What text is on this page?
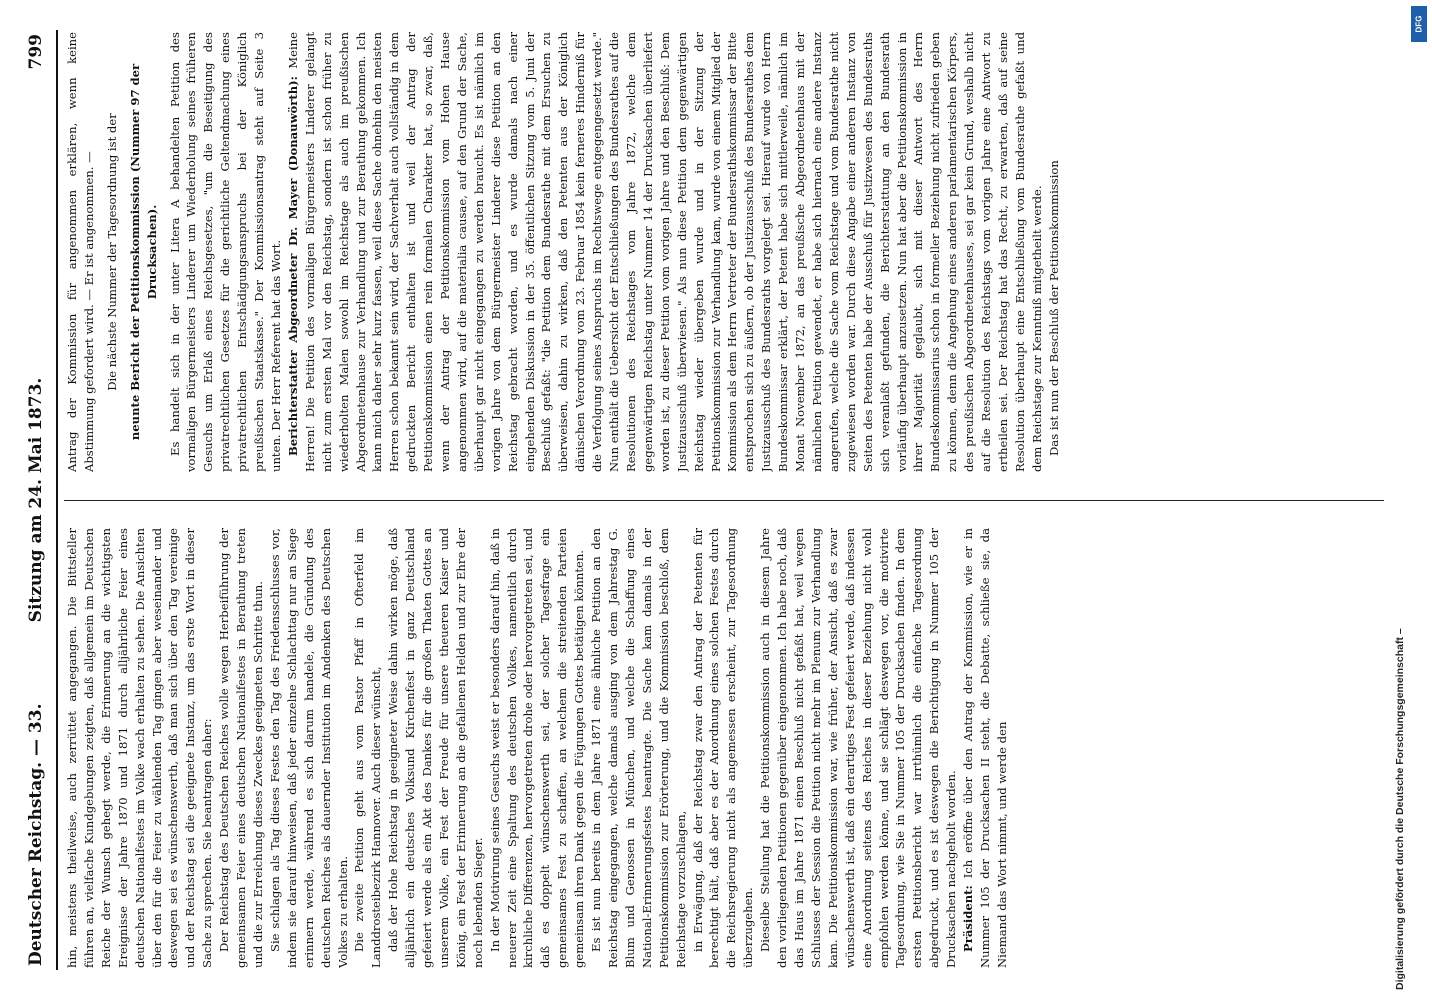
Deutscher Reichstag. — 33.
Sitzung am 24. Mai 1873.
799

hin, meistens theilweise, auch zerrüttet angegangen. Die Bittsteller führen an, vielfache Kundgebungen zeigten, daß allgemein im Deutschen Reiche der Wunsch gehegt werde, die Erinnerung an die wichtigsten Ereignisse der Jahre 1870 und 1871 durch alljährliche Feier eines deutschen Nationalfestes im Volke wach erhalten zu sehen. Die Ansichten über den für die Feier zu wählenden Tag gingen aber weseinander und deswegen sei es wünschenswerth, daß man sich über den Tag vereinige und der Reichstag sei die geeignete Instanz, um das erste Wort in dieser Sache zu sprechen. Sie beantragen daher: Der Reichstag des Deutschen Reiches wolle wegen Herbeiführung der gemeinsamen Feier eines deutschen Nationalfestes in Berathung treten und die zur Erreichung dieses Zweckes geeigneten Schritte thun. Sie schlagen als Tag dieses Festes den Tag des Friedensschlusses vor, indem sie darauf hinweisen, daß jeder einzelne Schlachttag nur an Siege erinnern werde, während es sich darum handele, die Gründung des deutschen Reiches als dauernder Institution im Andenken des Deutschen Volkes zu erhalten. Die zweite Petition geht aus vom Pastor Pfaff in Ofterfeld im Landdrosteibezirk Hannover. Auch dieser wünscht, daß der Hohe Reichstag in geeigneter Weise dahin wirken möge, daß alljährlich ein deutsches Volksund Kirchenfest in ganz Deutschland gefeiert werde als ein Akt des Dankes für die großen Thaten Gottes an unserem Volke, ein Fest der Freude für unsere theueren Kaiser und König, ein Fest der Erinnerung an die gefallenen Helden und zur Ehre der noch lebenden Sieger. In der Motivirung seines Gesuchs weist er besonders darauf hin, daß in neuerer Zeit eine Spaltung des deutschen Volkes, namentlich durch kirchliche Differenzen, hervorgetreten drohe oder hervorgetreten sei, und daß es doppelt wünschenswerth sei, der solcher Tagesfrage ein gemeinsames Fest zu schaffen, an welchem die streitenden Parteien gemeinsam ihren Dank gegen die Fügungen Gottes betätigen könnten. Es ist nun bereits in dem Jahre 1871 eine ähnliche Petition an den Reichstag eingegangen, welche damals ausging von dem Jahrestag G. Blum und Genossen in München, und welche die Schaffung eines National-Erinnerungsfestes beantragte. Die Sache kam damals in der Petitionskommission zur Erörterung, und die Kommission beschloß, dem Reichstage vorzuschlagen, in Erwägung, daß der Reichstag zwar den Antrag der Petenten für berechtigt hält, daß aber es der Anordnung eines solchen Festes durch die Reichsregierung nicht als angemessen erscheint, zur Tagesordnung überzugehen. Dieselbe Stellung hat die Petitionskommission auch in diesem Jahre den vorliegenden Petitionen gegenüber eingenommen. Ich habe noch, daß das Haus im Jahre 1871 einen Beschluß nicht gefaßt hat, weil wegen Schlusses der Session die Petition nicht mehr im Plenum zur Verhandlung kam. Die Petitionskommission war, wie früher, der Ansicht, daß es zwar wünschenswerth ist, daß ein derartiges Fest gefeiert werde, daß indessen eine Anordnung seitens des Reiches in dieser Beziehung nicht wohl empfohlen werden könne, und sie schlägt deswegen vor, die motivirte Tagesordnung, wie Sie in Nummer 105 der Drucksachen finden. In dem ersten Petitionsbericht war irrthümlich die einfache Tagesordnung abgedruckt, und es ist deswegen die Berichtigung in Nummer 105 der Drucksachen nachgeholt worden. Präsident: Ich eröffne über den Antrag der Kommission, wie er in Nummer 105 der Drucksachen II steht, die Debatte, schließe sie, da Niemand das Wort nimmt, und werde den

Antrag der Kommission für angenommen erklären, wenn keine Abstimmung gefordert wird. — Er ist angenommen. — Die nächste Nummer der Tagesordnung ist der neunte Bericht der Petitionskommission (Nummer 97 der Drucksachen). Es handelt sich in der unter Litera A behandelten Petition des vormaligen Bürgermeisters Linderer um Wiederholung seines früheren Gesuchs um Erlaß eines Reichsgesetzes, "um die Beseitigung des privatrechtlichen Gesetzes für die gerichtliche Geltendmachung eines privatrechtlichen Entschädigungsanspruchs bei der Königlich preußischen Staatskasse." Der Kommissionsantrag steht auf Seite 3 unten. Der Herr Referent hat das Wort. Berichterstatter Abgeordneter Dr. Mayer (Donauwörth): Meine Herren! Die Petition des vormaligen Bürgermeisters Linderer gelangt nicht zum ersten Mal vor den Reichstag, sondern ist schon früher zu wiederholten Malen sowohl im Reichstage als auch im preußischen Abgeordnetenhause zur Verhandlung und zur Berathung gekommen. Ich kann mich daher sehr kurz fassen, weil diese Sache ohnehin den meisten Herren schon bekannt sein wird, der Sachverhalt auch vollständig in dem gedruckten Bericht enthalten ist und weil der Antrag der Petitionskommission einen rein formalen Charakter hat, so zwar, daß, wenn der Antrag der Petitionskommission vom Hohen Hause angenommen wird, auf die materialia causae, auf den Grund der Sache, überhaupt gar nicht eingegangen zu werden braucht. Es ist nämlich im vorigen Jahre von dem Bürgermeister Linderer diese Petition an den Reichstag gebracht worden, und es wurde damals nach einer eingehenden Diskussion in der 35. öffentlichen Sitzung vom 5. Juni der Beschluß gefaßt: "die Petition dem Bundesrathe mit dem Ersuchen zu überweisen, dahin zu wirken, daß den Petenten aus der Königlich dänischen Verordnung vom 23. Februar 1854 kein ferneres Hinderniß für die Verfolgung seines Anspruchs im Rechtswege entgegengesetzt werde." Nun enthält die Uebersicht der Entschließungen des Bundesrathes auf die Resolutionen des Reichstages vom Jahre 1872, welche dem gegenwärtigen Reichstag unter Nummer 14 der Drucksachen überliefert worden ist, zu dieser Petition vom vorigen Jahre und den Beschluß: Dem Justizausschuß überwiesen." Als nun diese Petition dem gegenwärtigen Reichstag wieder übergeben wurde und in der Sitzung der Petitionskommission zur Verhandlung kam, wurde von einem Mitglied der Kommission als dem Herrn Vertreter der Bundesrathskommissar der Bitte entsprochen sich zu äußern, ob der Justizausschuß des Bundesrathes dem Justizausschuß des Bundesraths vorgelegt sei. Hierauf wurde von Herrn Bundeskommissar erklärt, der Petent habe sich mittlerweile, nämlich im Monat November 1872, an das preußische Abgeordnetenhaus mit der nämlichen Petition gewendet, er habe sich hiernach eine andere Instanz angerufen, welche die Sache vom Reichstage und vom Bundesrathe nicht zugewiesen worden war. Durch diese Angabe einer anderen Instanz von Seiten des Petenten habe der Ausschuß für Justizwesen des Bundesraths sich veranlaßt gefunden, die Berichterstattung an den Bundesrath vorläufig überhaupt anzusetzen. Nun hat aber die Petitionskommission in ihrer Majorität geglaubt, sich mit dieser Antwort des Herrn Bundeskommissarius schon in formeller Beziehung nicht zufrieden geben zu können, denn die Angehung eines anderen parlamentarischen Körpers, des preußischen Abgeordnetenhauses, sei gar kein Grund, weshalb nicht auf die Resolution des Reichstags vom vorigen Jahre eine Antwort zu ertheilen sei. Der Reichstag hat das Recht, zu erwarten, daß auf seine Resolution überhaupt eine Entschließung vom Bundesrathe gefaßt und dem Reichstage zur Kenntniß mitgetheilt werde. Das ist nun der Beschluß der Petitionskommission

Digitalisierung gefördert durch die Deutsche Forschungsgemeinschaft –
DFG
